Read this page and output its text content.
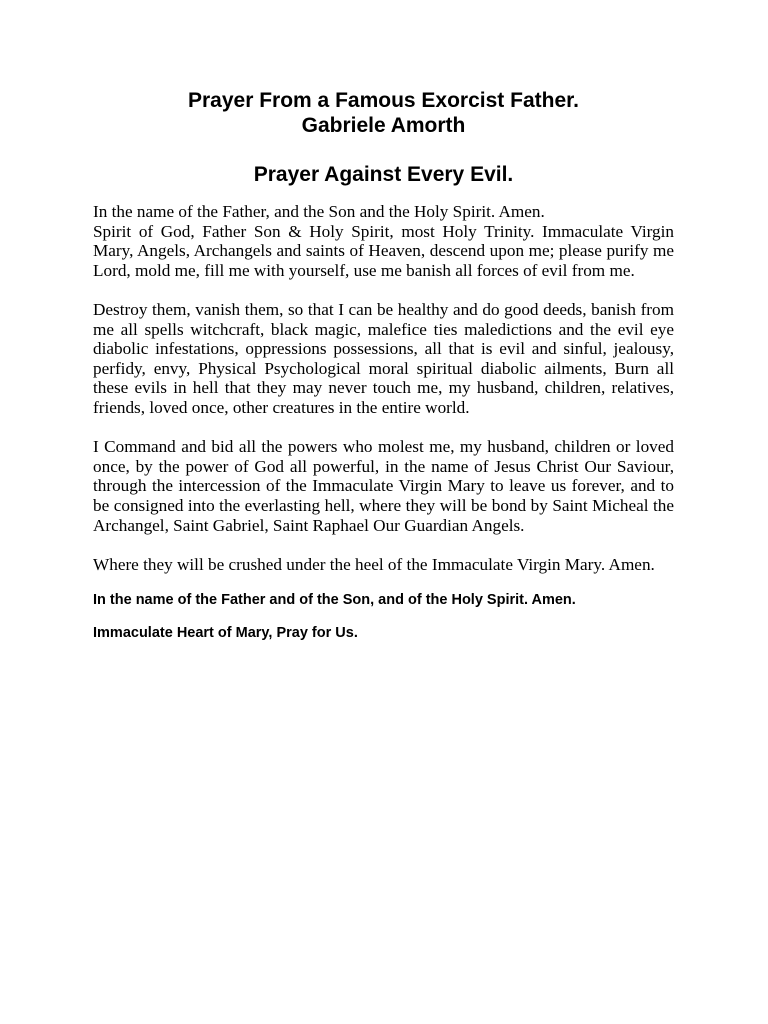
Prayer From a Famous Exorcist Father.
Gabriele Amorth

Prayer Against Every Evil.

In the name of the Father, and the Son and the Holy Spirit. Amen.
Spirit of God, Father Son & Holy Spirit, most Holy Trinity. Immaculate Virgin Mary, Angels, Archangels and saints of Heaven, descend upon me; please purify me Lord, mold me, fill me with yourself, use me banish all forces of evil from me.

Destroy them, vanish them, so that I can be healthy and do good deeds, banish from me all spells witchcraft, black magic, malefice ties maledictions and the evil eye diabolic infestations, oppressions possessions, all that is evil and sinful, jealousy, perfidy, envy, Physical Psychological moral spiritual diabolic ailments, Burn all these evils in hell that they may never touch me, my husband, children, relatives, friends, loved once, other creatures in the entire world.

I Command and bid all the powers who molest me, my husband, children or loved once, by the power of God all powerful, in the name of Jesus Christ Our Saviour, through the intercession of the Immaculate Virgin Mary to leave us forever, and to be consigned into the everlasting hell, where they will be bond by Saint Micheal the Archangel, Saint Gabriel, Saint Raphael Our Guardian Angels.

Where they will be crushed under the heel of the Immaculate Virgin Mary. Amen.

In the name of the Father and of the Son, and of the Holy Spirit. Amen.

Immaculate Heart of Mary, Pray for Us.
